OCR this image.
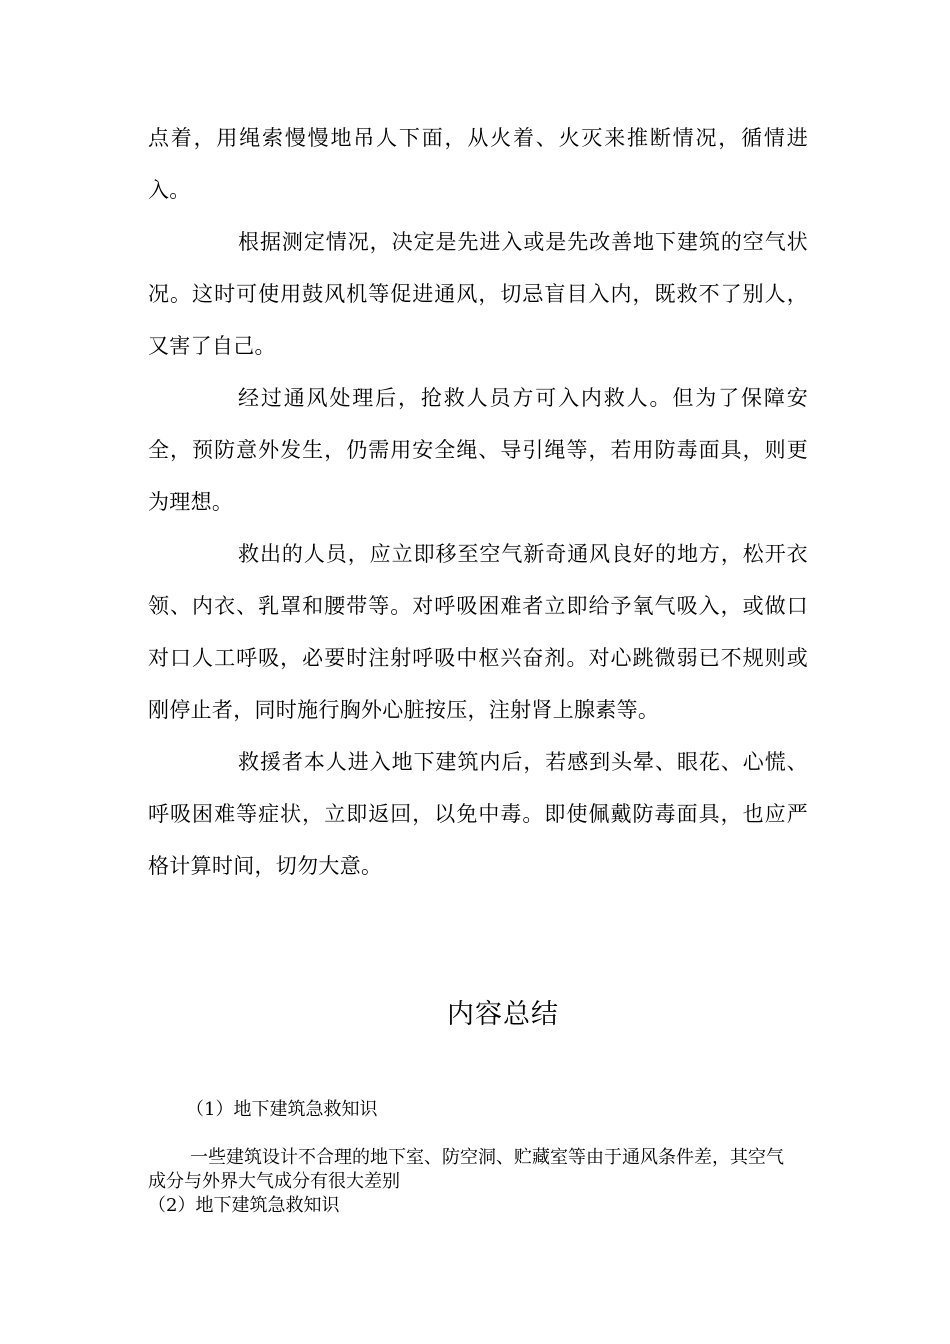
点着，用绳索慢慢地吊人下面，从火着、火灭来推断情况，循情进入。

根据测定情况，决定是先进入或是先改善地下建筑的空气状况。这时可使用鼓风机等促进通风，切忌盲目入内，既救不了别人，又害了自己。

经过通风处理后，抢救人员方可入内救人。但为了保障安全，预防意外发生，仍需用安全绳、导引绳等，若用防毒面具，则更为理想。

救出的人员，应立即移至空气新奇通风良好的地方，松开衣领、内衣、乳罩和腰带等。对呼吸困难者立即给予氧气吸入，或做口对口人工呼吸，必要时注射呼吸中枢兴奋剂。对心跳微弱已不规则或刚停止者，同时施行胸外心脏按压，注射肾上腺素等。

救援者本人进入地下建筑内后，若感到头晕、眼花、心慌、呼吸困难等症状，立即返回，以免中毒。即使佩戴防毒面具，也应严格计算时间，切勿大意。

内容总结
（1）地下建筑急救知识

一些建筑设计不合理的地下室、防空洞、贮藏室等由于通风条件差，其空气成分与外界大气成分有很大差别

（2）地下建筑急救知识
